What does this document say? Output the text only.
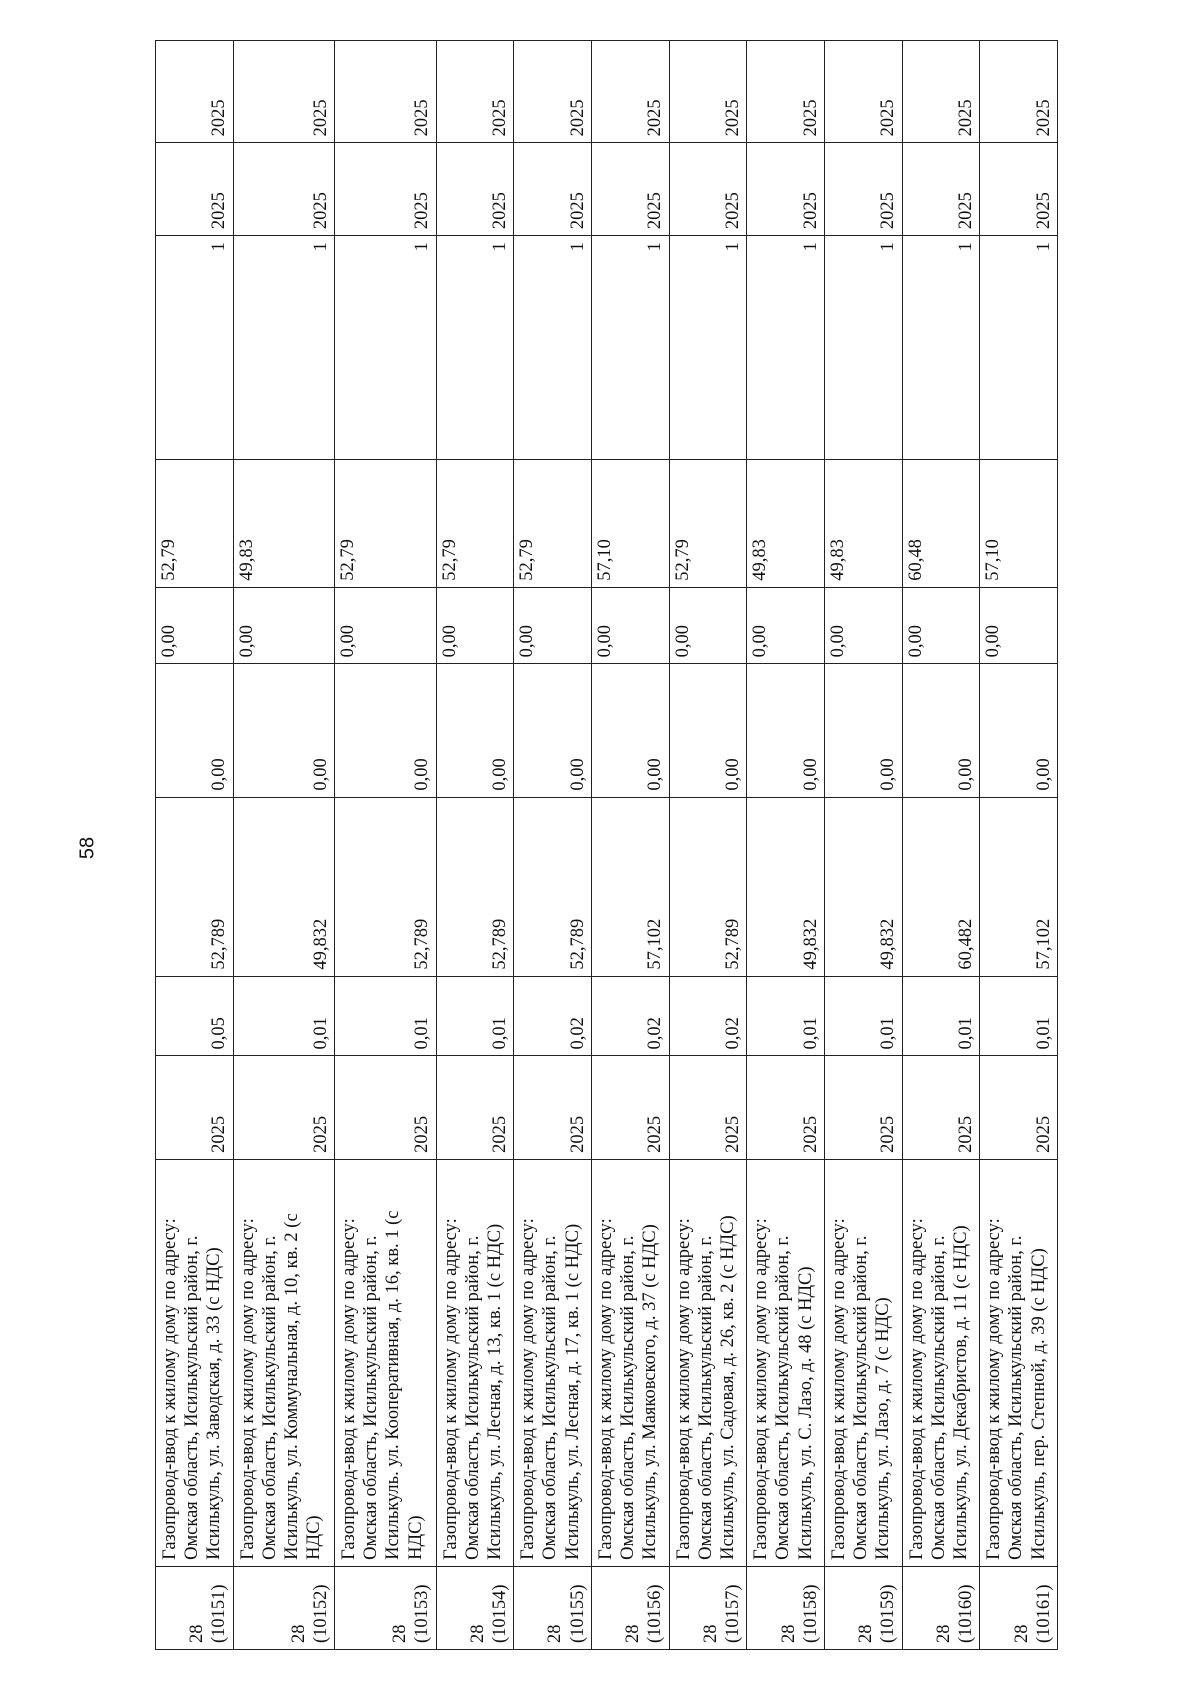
58
28 (10151)	Газопровод-ввод к жилому дому по адресу: Омская область, Исилькульский район, г. Исилькуль, ул. Заводская, д. 33 (с НДС)	2025	0,05	52,789	0,00	0,00	52,79	1	2025	2025

28 (10152)	Газопровод-ввод к жилому дому по адресу: Омская область, Исилькульский район, г. Исилькуль, ул. Коммунальная, д. 10, кв. 2 (с НДС)	2025	0,01	49,832	0,00	0,00	49,83	1	2025	2025

28 (10153)	Газопровод-ввод к жилому дому по адресу: Омская область, Исилькульский район, г. Исилькуль. ул. Кооперативная, д. 16, кв. 1 (с НДС)	2025	0,01	52,789	0,00	0,00	52,79	1	2025	2025

28 (10154)	Газопровод-ввод к жилому дому по адресу: Омская область, Исилькульский район, г. Исилькуль, ул. Лесная, д. 13, кв. 1 (с НДС)	2025	0,01	52,789	0,00	0,00	52,79	1	2025	2025

28 (10155)	Газопровод-ввод к жилому дому по адресу: Омская область, Исилькульский район, г. Исилькуль, ул. Лесная, д. 17, кв. 1 (с НДС)	2025	0,02	52,789	0,00	0,00	52,79	1	2025	2025

28 (10156)	Газопровод-ввод к жилому дому по адресу: Омская область, Исилькульский район, г. Исилькуль, ул. Маяковского, д. 37 (с НДС)	2025	0,02	57,102	0,00	0,00	57,10	1	2025	2025

28 (10157)	Газопровод-ввод к жилому дому по адресу: Омская область, Исилькульский район, г. Исилькуль, ул. Садовая, д. 26, кв. 2 (с НДС)	2025	0,02	52,789	0,00	0,00	52,79	1	2025	2025

28 (10158)	Газопровод-ввод к жилому дому по адресу: Омская область, Исилькульский район, г. Исилькуль, ул. С. Лазо, д. 48 (с НДС)	2025	0,01	49,832	0,00	0,00	49,83	1	2025	2025

28 (10159)	Газопровод-ввод к жилому дому по адресу: Омская область, Исилькульский район, г. Исилькуль, ул. Лазо, д. 7 (с НДС)	2025	0,01	49,832	0,00	0,00	49,83	1	2025	2025

28 (10160)	Газопровод-ввод к жилому дому по адресу: Омская область, Исилькульский район, г. Исилькуль, ул. Декабристов, д. 11 (с НДС)	2025	0,01	60,482	0,00	0,00	60,48	1	2025	2025

28 (10161)	Газопровод-ввод к жилому дому по адресу: Омская область, Исилькульский район, г. Исилькуль, пер. Степной, д. 39 (с НДС)	2025	0,01	57,102	0,00	0,00	57,10	1	2025	2025
